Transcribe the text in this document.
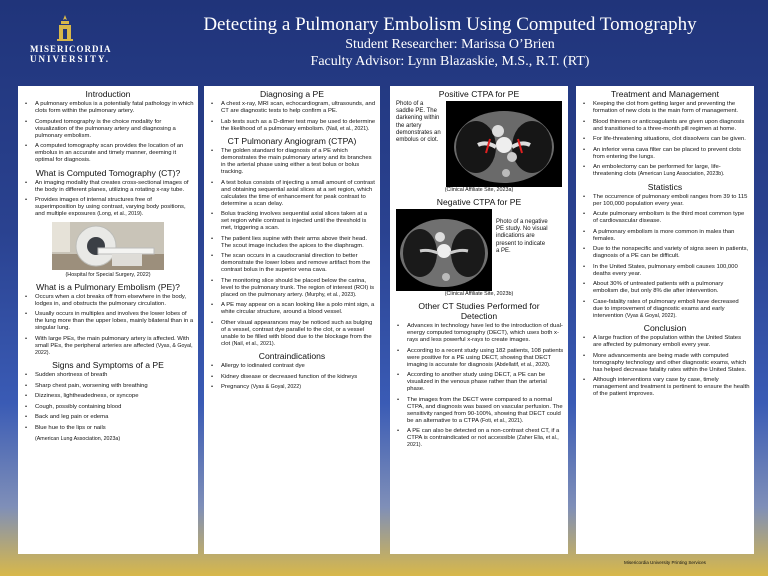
MISERICORDIA
UNIVERSITY.
Detecting a Pulmonary Embolism Using Computed Tomography
Student Researcher: Marissa O’Brien
Faculty Advisor: Lynn Blazaskie, M.S., R.T. (RT)
Introduction
• A pulmonary embolus is a potentially fatal pathology in which clots form within the pulmonary artery.
• Computed tomography is the choice modality for visualization of the pulmonary artery and diagnosing a pulmonary embolism.
• A computed tomography scan provides the location of an embolus in an accurate and timely manner, deeming it optimal for diagnosis.
What is Computed Tomography (CT)?
• An imaging modality that creates cross-sectional images of the body in different planes, utilizing a rotating x-ray tube.
• Provides images of internal structures free of superimposition by using contrast, varying body positions, and multiple exposures (Long, et al., 2019).
(Hospital for Special Surgery, 2022)
What is a Pulmonary Embolism (PE)?
• Occurs when a clot breaks off from elsewhere in the body, lodges in, and obstructs the pulmonary circulation.
• Usually occurs in multiples and involves the lower lobes of the lung more than the upper lobes, mainly bilateral than in a singular lung.
• With large PEs, the main pulmonary artery is affected. With small PEs, the peripheral arteries are affected (Vyas, & Goyal, 2022).
Signs and Symptoms of a PE
• Sudden shortness of breath
• Sharp chest pain, worsening with breathing
• Dizziness, lightheadedness, or syncope
• Cough, possibly containing blood
• Back and leg pain or edema
• Blue hue to the lips or nails
(American Lung Association, 2023a)
Diagnosing a PE
• A chest x-ray, MRI scan, echocardiogram, ultrasounds, and CT are diagnostic tests to help confirm a PE.
• Lab tests such as a D-dimer test may be used to determine the likelihood of a pulmonary embolism. (Nail, et al., 2021).
CT Pulmonary Angiogram (CTPA)
• The golden standard for diagnosis of a PE which demonstrates the main pulmonary artery and its branches in the arterial phase using either a test bolus or bolus tracking.
• A test bolus consists of injecting a small amount of contrast and obtaining sequential axial slices at a set region, which calculates the time of enhancement for peak contrast to determine a scan delay.
• Bolus tracking involves sequential axial slices taken at a set region while contrast is injected until the threshold is met, triggering a scan.
• The patient lies supine with their arms above their head. The scout image includes the apices to the diaphragm.
• The scan occurs in a caudocranial direction to better demonstrate the lower lobes and remove artifact from the contrast bolus in the superior vena cava.
• The monitoring slice should be placed below the carina, level to the pulmonary trunk. The region of interest (ROI) is placed on the pulmonary artery. (Murphy, et al., 2023).
• A PE may appear on a scan looking like a polo mint sign, a white circular structure, around a blood vessel.
• Other visual appearances may be noticed such as bulging of a vessel, contrast dye parallel to the clot, or a vessel unable to be filled with blood due to the blockage from the clot (Nail, et al., 2021).
Contraindications
• Allergy to iodinated contrast dye
• Kidney disease or decreased function of the kidneys
• Pregnancy (Vyas & Goyal, 2022)
Positive CTPA for PE
Photo of a saddle PE. The darkening within the artery demonstrates an embolus or clot.
(Clinical Affiliate Site, 2023a)
Negative CTPA for PE
Photo of a negative PE study. No visual indications are present to indicate a PE.
(Clinical Affiliate Site, 2023b)
Other CT Studies Performed for Detection
• Advances in technology have led to the introduction of dual-energy computed tomography (DECT), which uses both x-rays and less powerful x-rays to create images.
• According to a recent study using 182 patients, 108 patients were positive for a PE using DECT, showing that DECT imaging is accurate for diagnosis (Abdellatif, et al., 2020).
• According to another study using DECT, a PE can be visualized in the venous phase rather than the arterial phase.
• The images from the DECT were compared to a normal CTPA, and diagnosis was based on vascular perfusion. The sensitivity ranged from 90-100%, showing that DECT could be an alternative to a CTPA (Foti, et al., 2021).
• A PE can also be detected on a non-contrast chest CT, if a CTPA is contraindicated or not accessible (Zaher Elia, et al., 2021).
Treatment and Management
• Keeping the clot from getting larger and preventing the formation of new clots is the main form of management.
• Blood thinners or anticoagulants are given upon diagnosis and transitioned to a three-month pill regimen at home.
• For life-threatening situations, clot dissolvers can be given.
• An inferior vena cava filter can be placed to prevent clots from entering the lungs.
• An embolectomy can be performed for large, life-threatening clots (American Lung Association, 2023b).
Statistics
• The occurrence of pulmonary emboli ranges from 39 to 115 per 100,000 population every year.
• Acute pulmonary embolism is the third most common type of cardiovascular disease.
• A pulmonary embolism is more common in males than females.
• Due to the nonspecific and variety of signs seen in patients, diagnosis of a PE can be difficult.
• In the United States, pulmonary emboli causes 100,000 deaths every year.
• About 30% of untreated patients with a pulmonary embolism die, but only 8% die after intervention.
• Case-fatality rates of pulmonary emboli have decreased due to improvement of diagnostic exams and early intervention (Vyas & Goyal, 2022).
Conclusion
• A large fraction of the population within the United States are affected by pulmonary emboli every year.
• More advancements are being made with computed tomography technology and other diagnostic exams, which has helped decrease fatality rates within the United States.
• Although interventions vary case by case, timely management and treatment is pertinent to ensure the health of the patient improves.
Misericordia University Printing Services
